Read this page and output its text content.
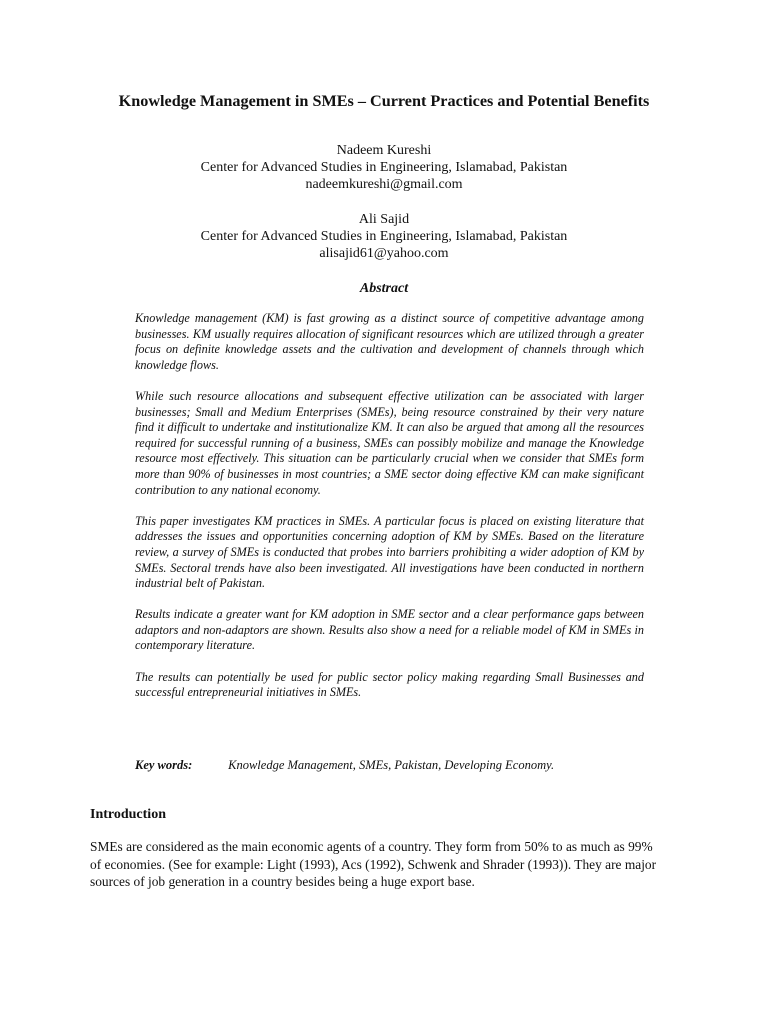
Knowledge Management in SMEs – Current Practices and Potential Benefits
Nadeem Kureshi
Center for Advanced Studies in Engineering, Islamabad, Pakistan
nadeemkureshi@gmail.com
Ali Sajid
Center for Advanced Studies in Engineering, Islamabad, Pakistan
alisajid61@yahoo.com
Abstract

Knowledge management (KM) is fast growing as a distinct source of competitive advantage among businesses. KM usually requires allocation of significant resources which are utilized through a greater focus on definite knowledge assets and the cultivation and development of channels through which knowledge flows.

While such resource allocations and subsequent effective utilization can be associated with larger businesses; Small and Medium Enterprises (SMEs), being resource constrained by their very nature find it difficult to undertake and institutionalize KM. It can also be argued that among all the resources required for successful running of a business, SMEs can possibly mobilize and manage the Knowledge resource most effectively. This situation can be particularly crucial when we consider that SMEs form more than 90% of businesses in most countries; a SME sector doing effective KM can make significant contribution to any national economy.

This paper investigates KM practices in SMEs. A particular focus is placed on existing literature that addresses the issues and opportunities concerning adoption of KM by SMEs. Based on the literature review, a survey of SMEs is conducted that probes into barriers prohibiting a wider adoption of KM by SMEs. Sectoral trends have also been investigated. All investigations have been conducted in northern industrial belt of Pakistan.

Results indicate a greater want for KM adoption in SME sector and a clear performance gaps between adaptors and non-adaptors are shown. Results also show a need for a reliable model of KM in SMEs in contemporary literature.

The results can potentially be used for public sector policy making regarding Small Businesses and successful entrepreneurial initiatives in SMEs.

Key words:	Knowledge Management, SMEs, Pakistan, Developing Economy.
Introduction
SMEs are considered as the main economic agents of a country. They form from 50% to as much as 99%
of economies. (See for example: Light (1993), Acs (1992), Schwenk and Shrader (1993)). They are major
sources of job generation in a country besides being a huge export base.
